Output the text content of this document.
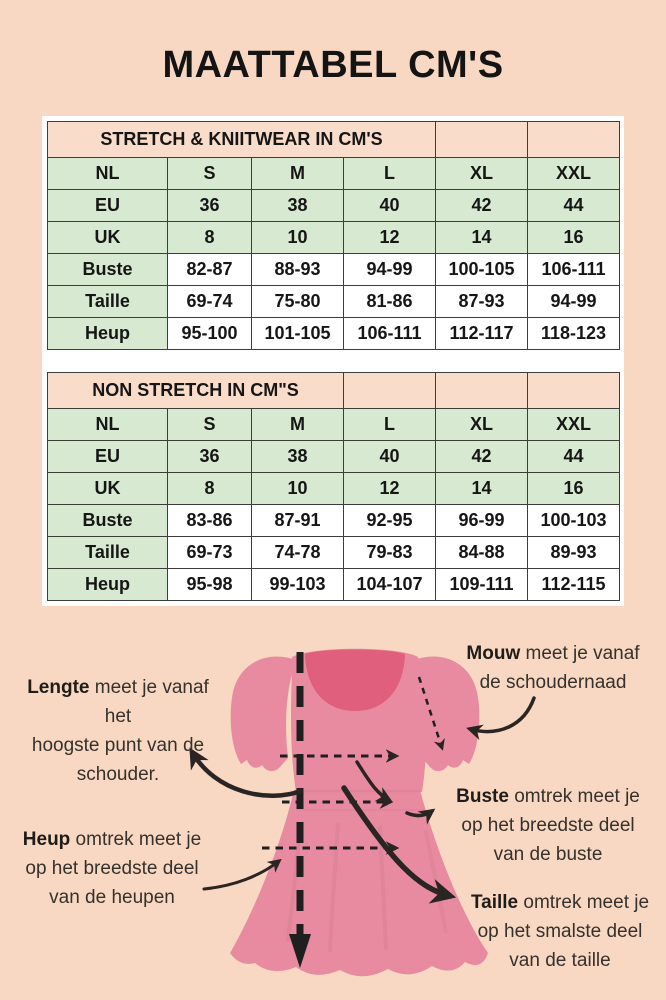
MAATTABEL CM'S
STRETCH & KNIITWEAR IN CM'S					
NL	S	M	L	XL	XXL
EU	36	38	40	42	44
UK	8	10	12	14	16
Buste	82-87	88-93	94-99	100-105	106-111
Taille	69-74	75-80	81-86	87-93	94-99
Heup	95-100	101-105	106-111	112-117	118-123
NON STRETCH IN CM"S					
NL	S	M	L	XL	XXL
EU	36	38	40	42	44
UK	8	10	12	14	16
Buste	83-86	87-91	92-95	96-99	100-103
Taille	69-73	74-78	79-83	84-88	89-93
Heup	95-98	99-103	104-107	109-111	112-115
Lengte meet je vanaf het
hoogste punt van de
schouder.
Mouw meet je vanaf
de schoudernaad
Buste omtrek meet je
op het breedste deel
van de buste
Heup omtrek meet je
op het breedste deel
van de heupen	Taille omtrek meet je
op het smalste deel
van de taille
